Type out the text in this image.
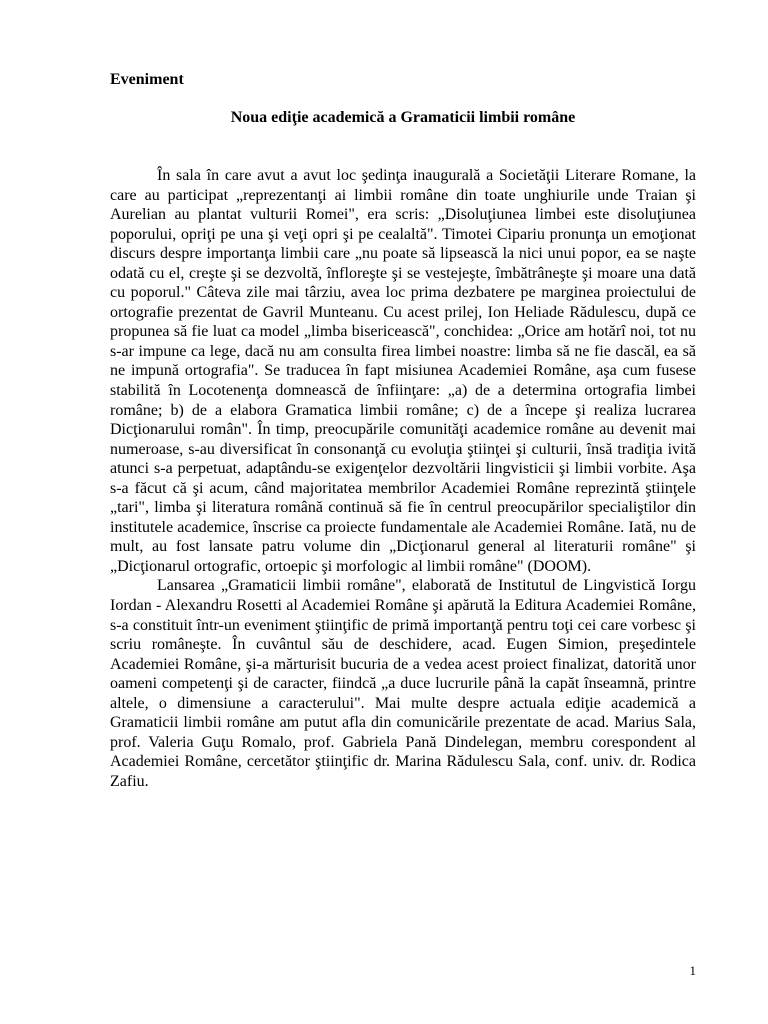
Eveniment

Noua ediţie academică a Gramaticii limbii române

În sala în care avut a avut loc şedinţa inaugurală a Societăţii Literare Romane, la care au participat „reprezentanţi ai limbii române din toate unghiurile unde Traian şi Aurelian au plantat vulturii Romei", era scris: „Disoluţiunea limbei este disoluţiunea poporului, opriţi pe una şi veţi opri şi pe cealaltă". Timotei Cipariu pronunţa un emoţionat discurs despre importanţa limbii care „nu poate să lipsească la nici unui popor, ea se naşte odată cu el, creşte şi se dezvoltă, înfloreşte şi se vestejeşte, îmbătrâneşte şi moare una dată cu poporul." Câteva zile mai târziu, avea loc prima dezbatere pe marginea proiectului de ortografie prezentat de Gavril Munteanu. Cu acest prilej, Ion Heliade Rădulescu, după ce propunea să fie luat ca model „limba bisericească", conchidea: „Orice am hotărî noi, tot nu s-ar impune ca lege, dacă nu am consulta firea limbei noastre: limba să ne fie dascăl, ea să ne impună ortografia". Se traducea în fapt misiunea Academiei Române, aşa cum fusese stabilită în Locotenenţa domnească de înfiinţare: „a) de a determina ortografia limbei române; b) de a elabora Gramatica limbii române; c) de a începe şi realiza lucrarea Dicţionarului român". În timp, preocupările comunităţi academice române au devenit mai numeroase, s-au diversificat în consonanţă cu evoluţia ştiinţei şi culturii, însă tradiţia ivită atunci s-a perpetuat, adaptându-se exigenţelor dezvoltării lingvisticii şi limbii vorbite. Aşa s-a făcut că şi acum, când majoritatea membrilor Academiei Române reprezintă ştiinţele „tari", limba şi literatura română continuă să fie în centrul preocupărilor specialiştilor din institutele academice, înscrise ca proiecte fundamentale ale Academiei Române. Iată, nu de mult, au fost lansate patru volume din „Dicţionarul general al literaturii române" şi „Dicţionarul ortografic, ortoepic şi morfologic al limbii române" (DOOM).

Lansarea „Gramaticii limbii române", elaborată de Institutul de Lingvistică Iorgu Iordan - Alexandru Rosetti al Academiei Române şi apărută la Editura Academiei Române, s-a constituit într-un eveniment ştiinţific de primă importanţă pentru toţi cei care vorbesc şi scriu româneşte. În cuvântul său de deschidere, acad. Eugen Simion, preşedintele Academiei Române, şi-a mărturisit bucuria de a vedea acest proiect finalizat, datorită unor oameni competenţi şi de caracter, fiindcă „a duce lucrurile până la capăt înseamnă, printre altele, o dimensiune a caracterului". Mai multe despre actuala ediţie academică a Gramaticii limbii române am putut afla din comunicările prezentate de acad. Marius Sala, prof. Valeria Guţu Romalo, prof. Gabriela Pană Dindelegan, membru corespondent al Academiei Române, cercetător ştiinţific dr. Marina Rădulescu Sala, conf. univ. dr. Rodica Zafiu.

1
